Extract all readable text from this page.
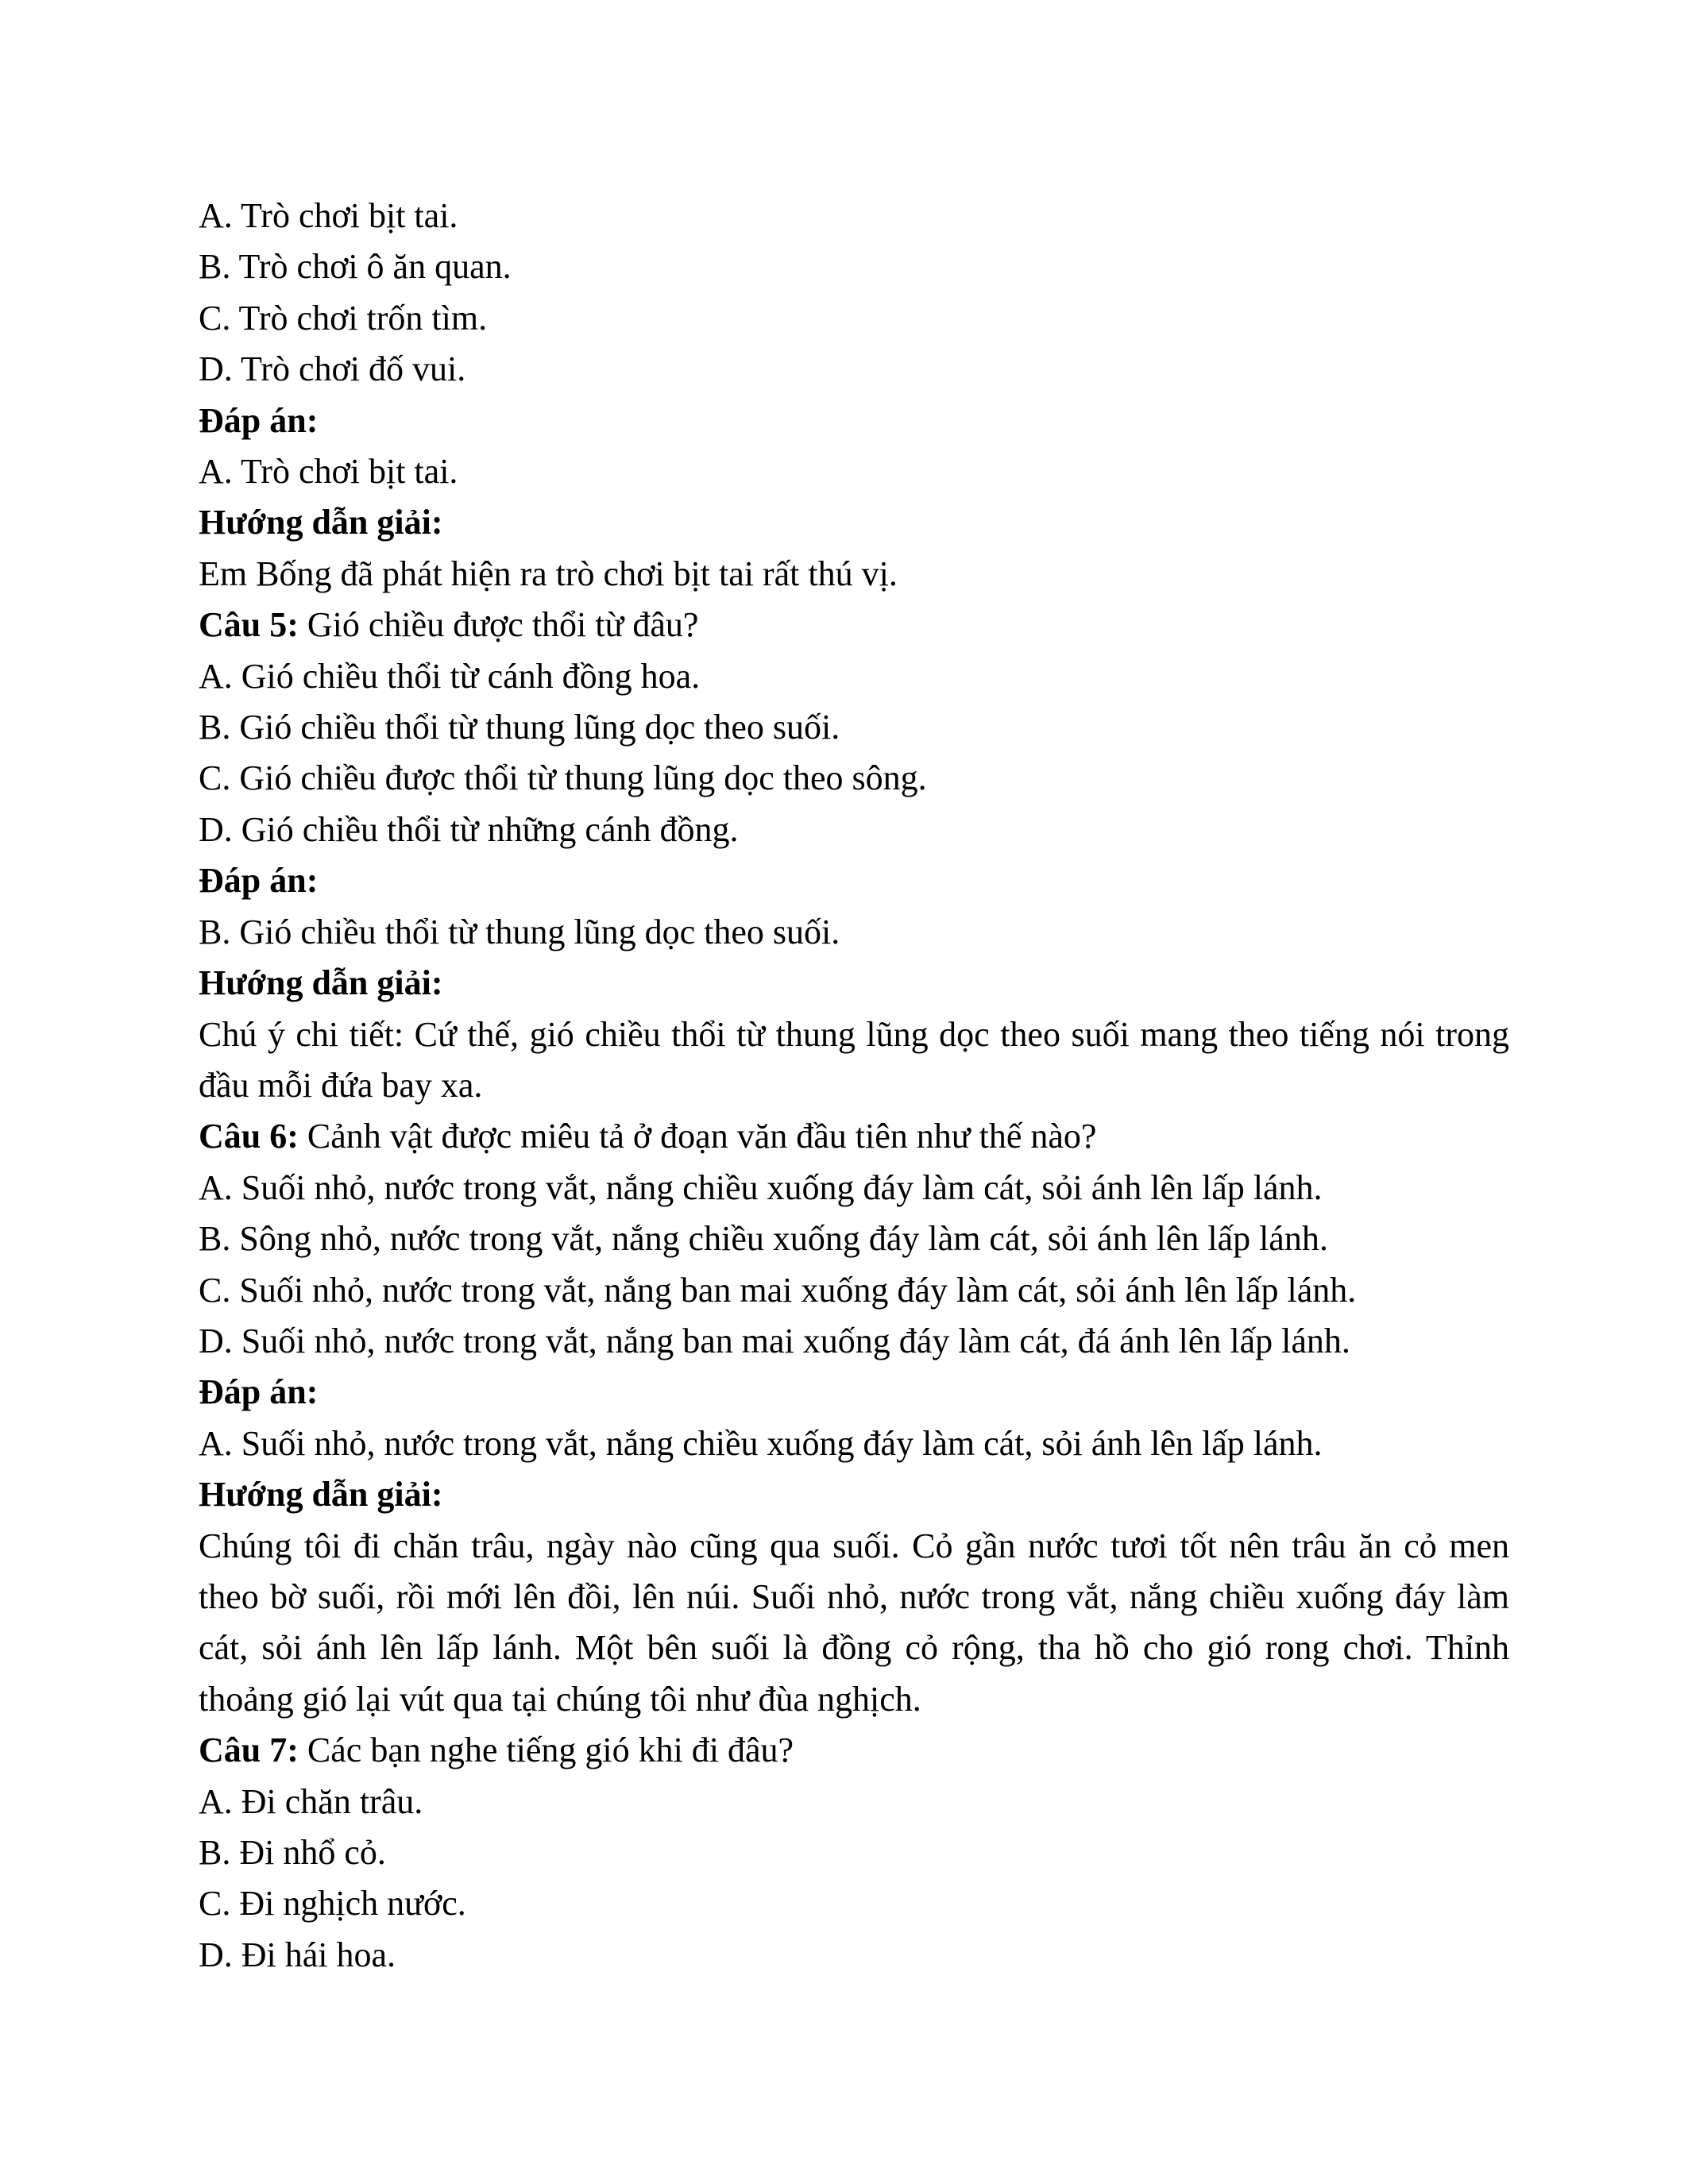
A. Trò chơi bịt tai.

B. Trò chơi ô ăn quan.

C. Trò chơi trốn tìm.

D. Trò chơi đố vui.

Đáp án:

A. Trò chơi bịt tai.

Hướng dẫn giải:

Em Bống đã phát hiện ra trò chơi bịt tai rất thú vị.

Câu 5: Gió chiều được thổi từ đâu?

A. Gió chiều thổi từ cánh đồng hoa.

B. Gió chiều thổi từ thung lũng dọc theo suối.

C. Gió chiều được thổi từ thung lũng dọc theo sông.

D. Gió chiều thổi từ những cánh đồng.

Đáp án:

B. Gió chiều thổi từ thung lũng dọc theo suối.

Hướng dẫn giải:

Chú ý chi tiết: Cứ thế, gió chiều thổi từ thung lũng dọc theo suối mang theo tiếng nói trong đầu mỗi đứa bay xa.

Câu 6: Cảnh vật được miêu tả ở đoạn văn đầu tiên như thế nào?

A. Suối nhỏ, nước trong vắt, nắng chiều xuống đáy làm cát, sỏi ánh lên lấp lánh.

B. Sông nhỏ, nước trong vắt, nắng chiều xuống đáy làm cát, sỏi ánh lên lấp lánh.

C. Suối nhỏ, nước trong vắt, nắng ban mai xuống đáy làm cát, sỏi ánh lên lấp lánh.

D. Suối nhỏ, nước trong vắt, nắng ban mai xuống đáy làm cát, đá ánh lên lấp lánh.

Đáp án:

A. Suối nhỏ, nước trong vắt, nắng chiều xuống đáy làm cát, sỏi ánh lên lấp lánh.

Hướng dẫn giải:

Chúng tôi đi chăn trâu, ngày nào cũng qua suối. Cỏ gần nước tươi tốt nên trâu ăn cỏ men theo bờ suối, rồi mới lên đồi, lên núi. Suối nhỏ, nước trong vắt, nắng chiều xuống đáy làm cát, sỏi ánh lên lấp lánh. Một bên suối là đồng cỏ rộng, tha hồ cho gió rong chơi. Thỉnh thoảng gió lại vút qua tại chúng tôi như đùa nghịch.

Câu 7: Các bạn nghe tiếng gió khi đi đâu?

A. Đi chăn trâu.

B. Đi nhổ cỏ.

C. Đi nghịch nước.

D. Đi hái hoa.
